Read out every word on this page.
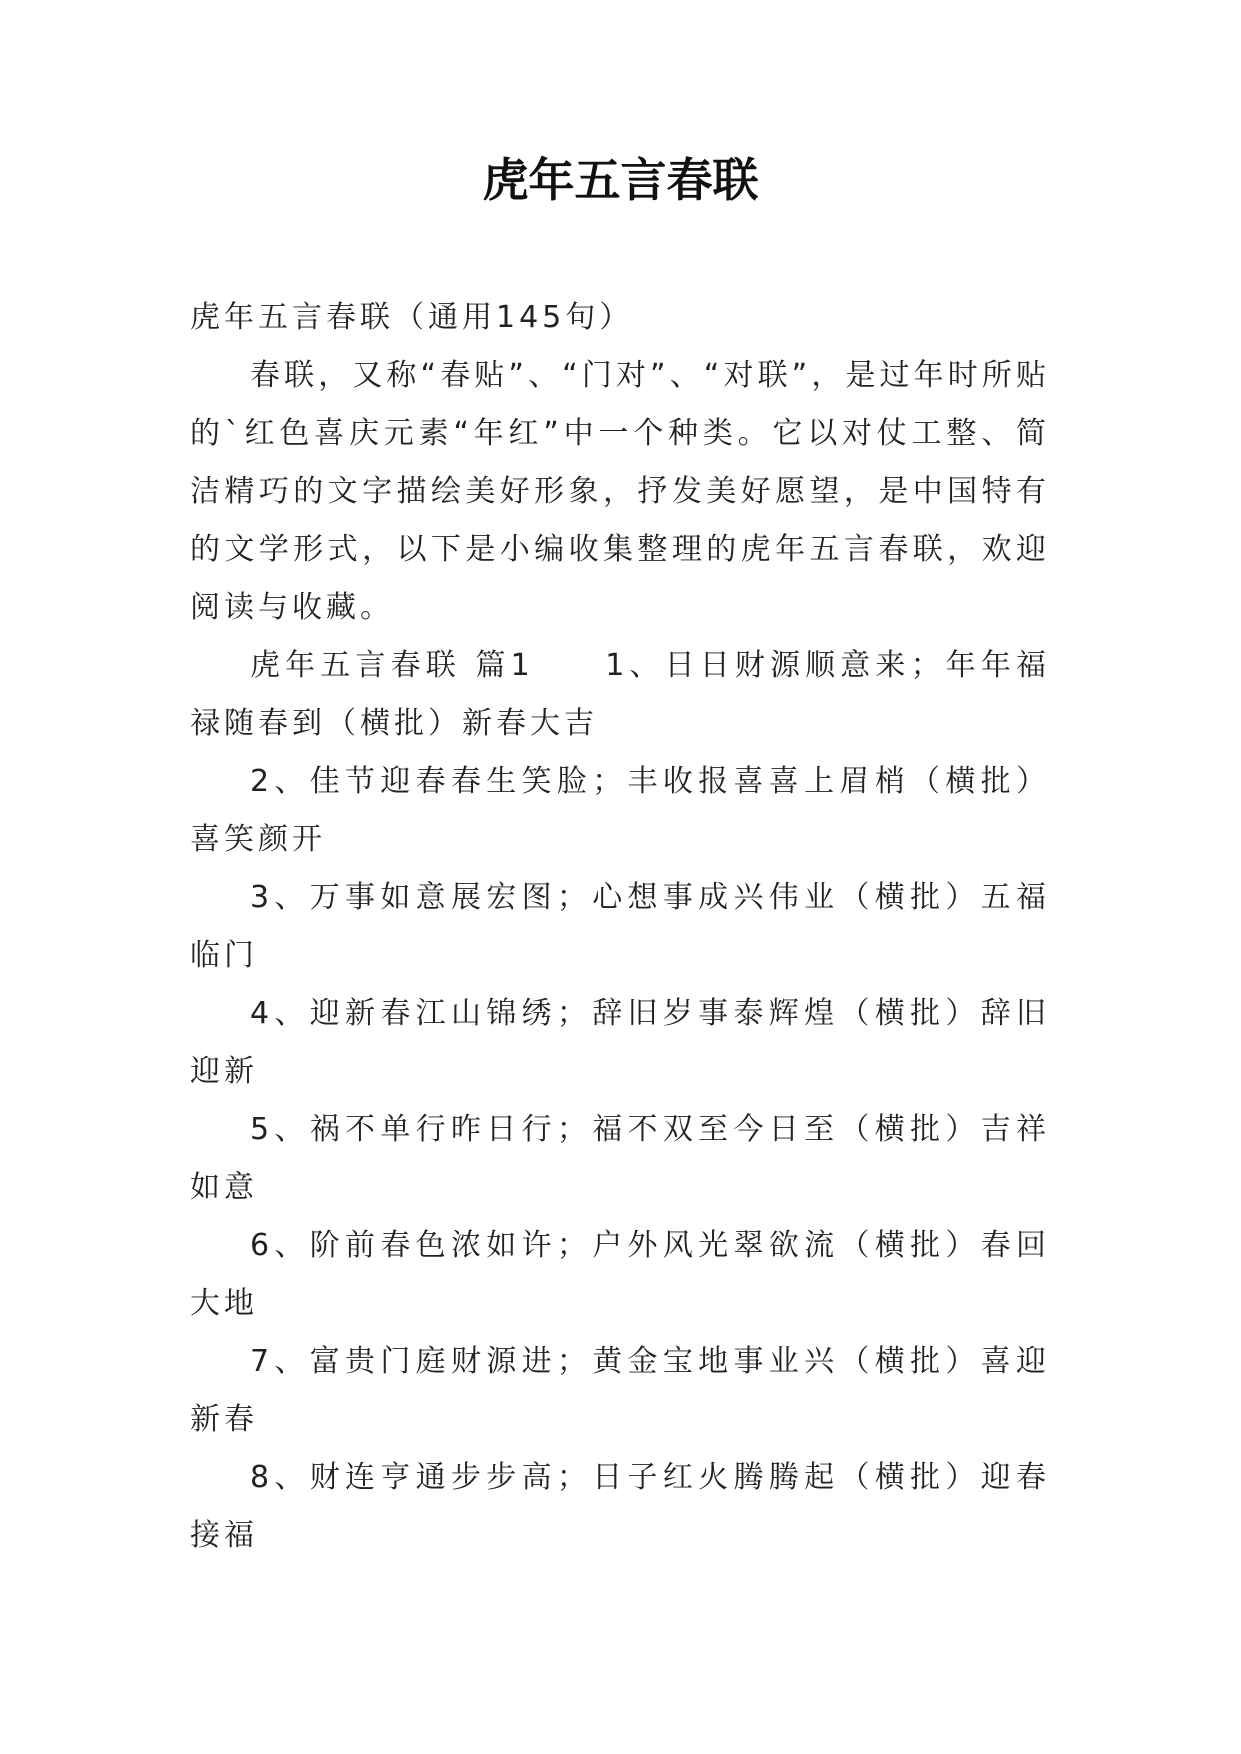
虎年五言春联

虎年五言春联（通用145句）

春联，又称“春贴”、“门对”、“对联”，是过年时所贴的`红色喜庆元素“年红”中一个种类。它以对仗工整、简洁精巧的文字描绘美好形象，抒发美好愿望，是中国特有的文学形式，以下是小编收集整理的虎年五言春联，欢迎阅读与收藏。

虎年五言春联 篇1　　1、日日财源顺意来；年年福禄随春到（横批）新春大吉

2、佳节迎春春生笑脸；丰收报喜喜上眉梢（横批）喜笑颜开

3、万事如意展宏图；心想事成兴伟业（横批）五福临门

4、迎新春江山锦绣；辞旧岁事泰辉煌（横批）辞旧迎新

5、祸不单行昨日行；福不双至今日至（横批）吉祥如意

6、阶前春色浓如许；户外风光翠欲流（横批）春回大地

7、富贵门庭财源进；黄金宝地事业兴（横批）喜迎新春

8、财连亨通步步高；日子红火腾腾起（横批）迎春接福
